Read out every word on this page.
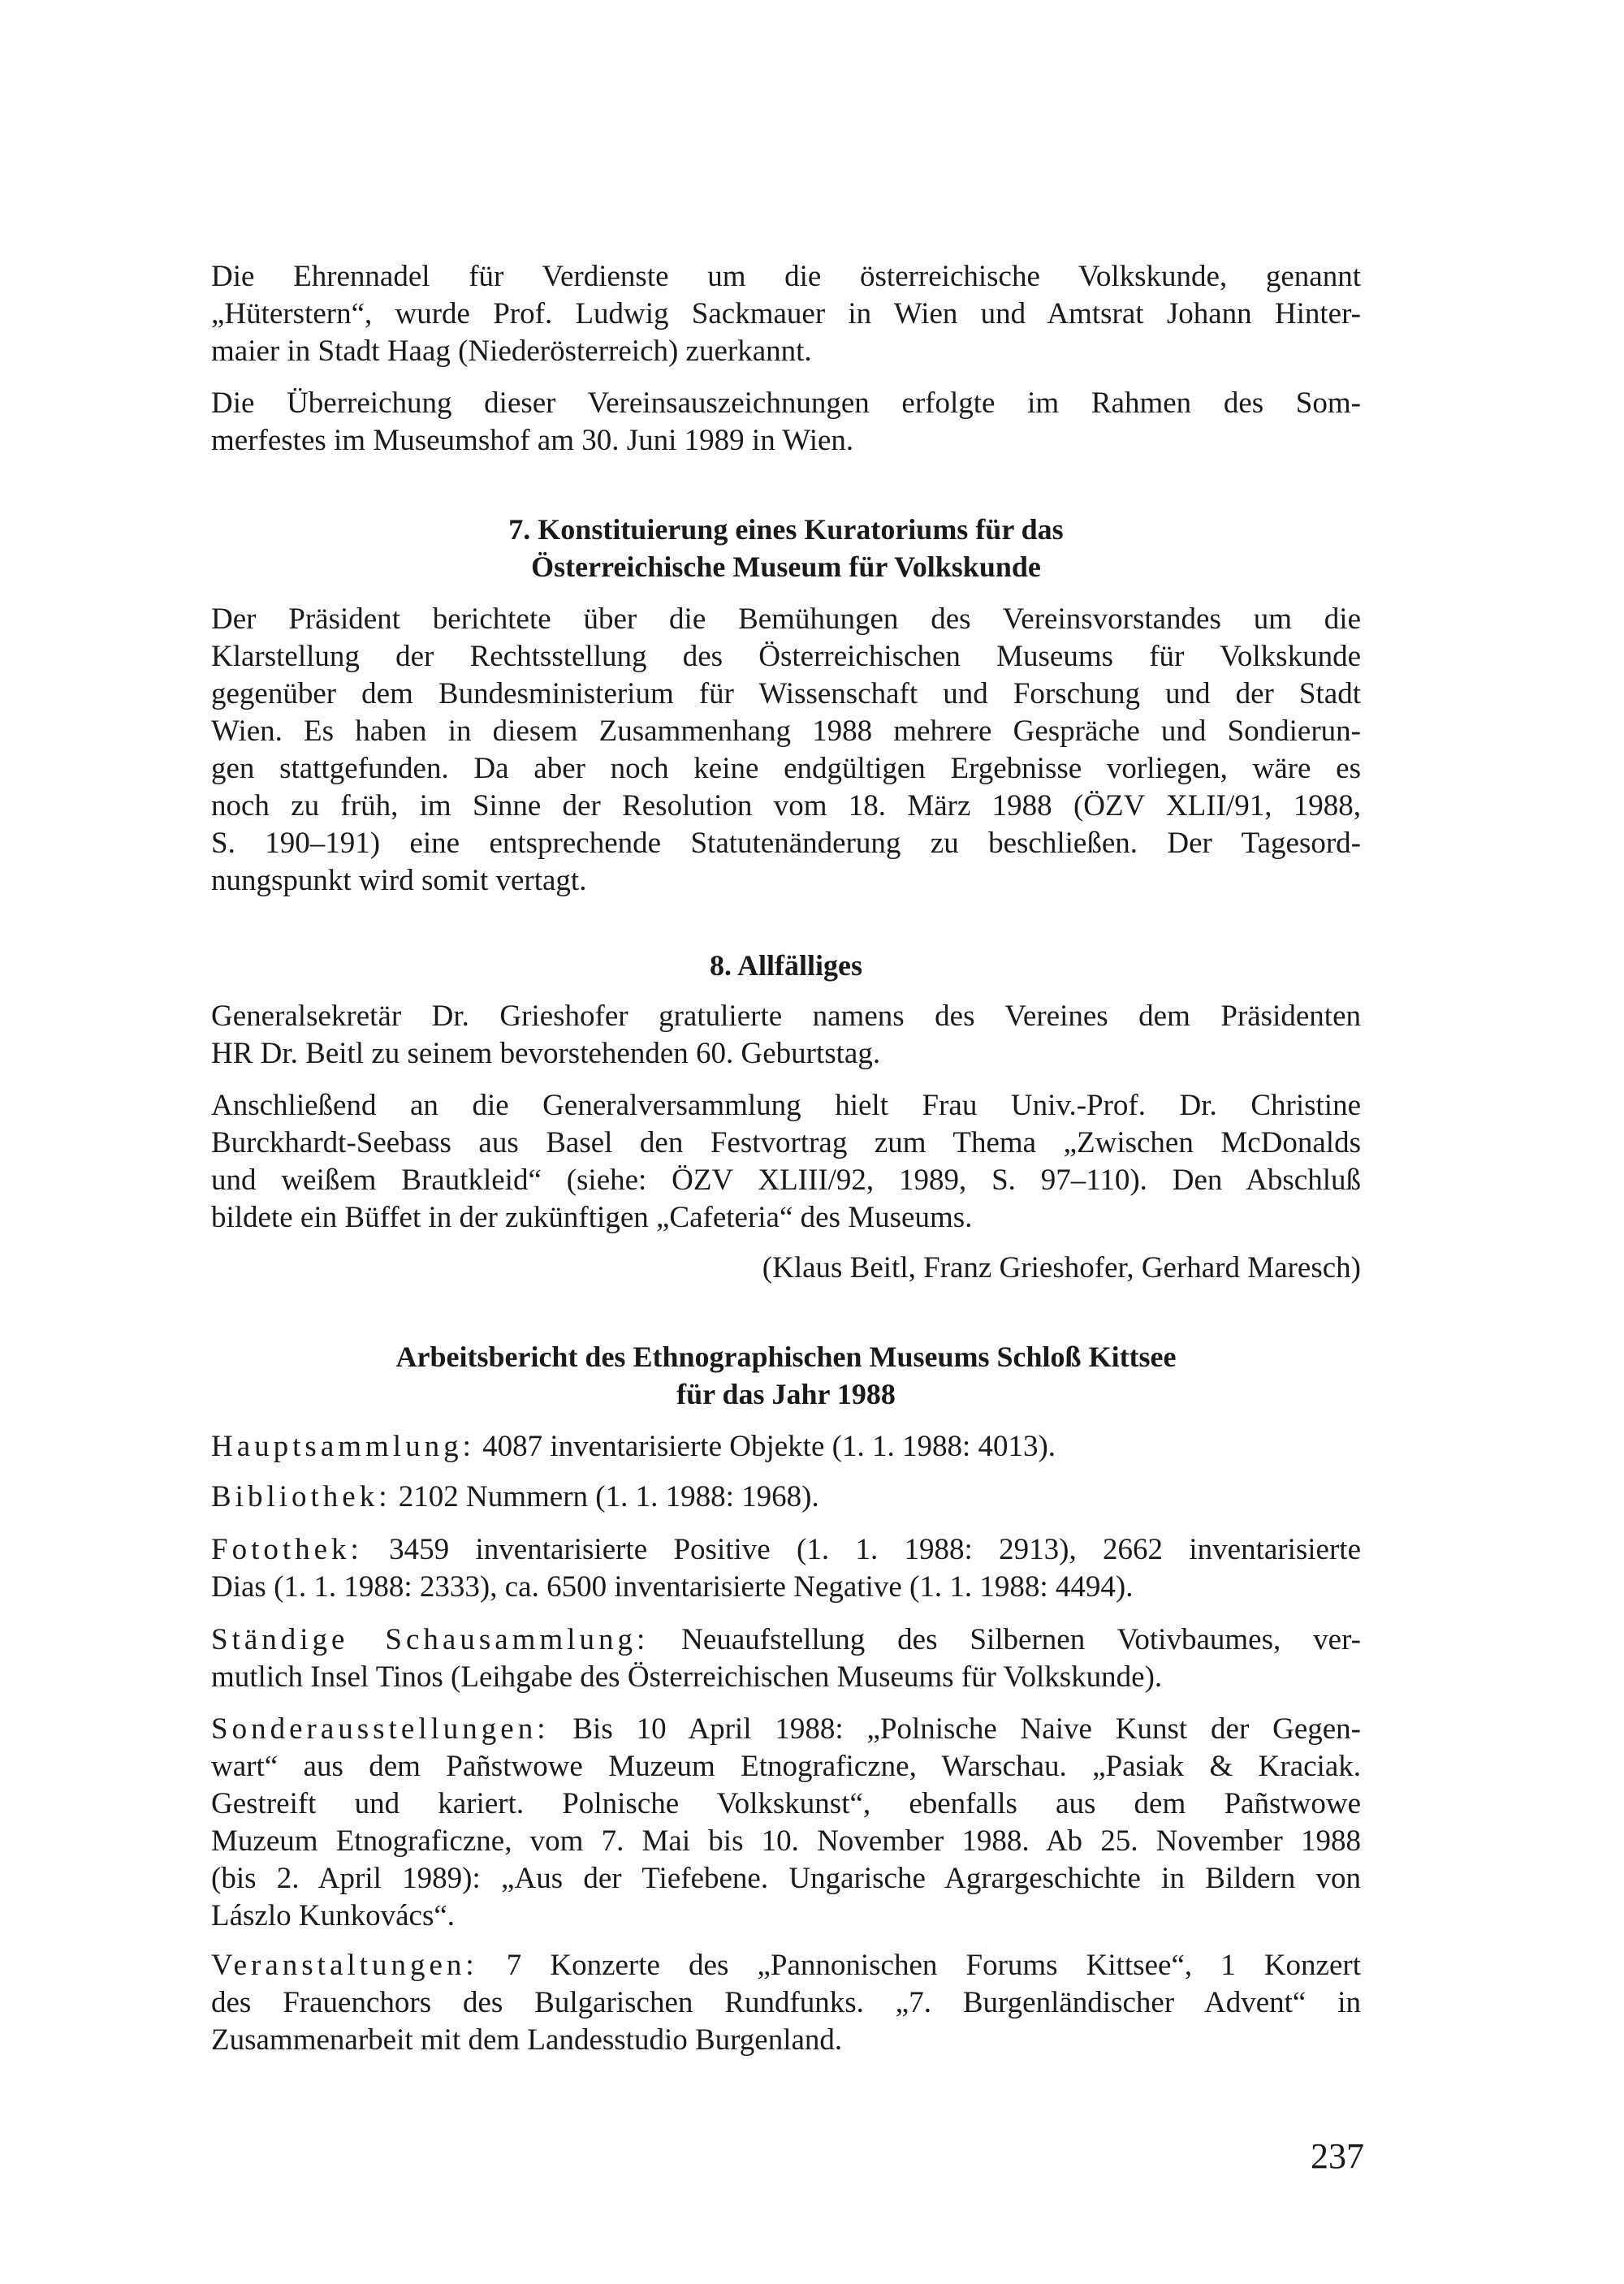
Die Ehrennadel für Verdienste um die österreichische Volkskunde, genannt
„Hüterstern“, wurde Prof. Ludwig Sackmauer in Wien und Amtsrat Johann Hinter-
maier in Stadt Haag (Niederösterreich) zuerkannt.
Die Überreichung dieser Vereinsauszeichnungen erfolgte im Rahmen des Som-
merfestes im Museumshof am 30. Juni 1989 in Wien.
7. Konstituierung eines Kuratoriums für das
Österreichische Museum für Volkskunde
Der Präsident berichtete über die Bemühungen des Vereinsvorstandes um die
Klarstellung der Rechtsstellung des Österreichischen Museums für Volkskunde
gegenüber dem Bundesministerium für Wissenschaft und Forschung und der Stadt
Wien. Es haben in diesem Zusammenhang 1988 mehrere Gespräche und Sondierun-
gen stattgefunden. Da aber noch keine endgültigen Ergebnisse vorliegen, wäre es
noch zu früh, im Sinne der Resolution vom 18. März 1988 (ÖZV XLII/91, 1988,
S. 190–191) eine entsprechende Statutenänderung zu beschließen. Der Tagesord-
nungspunkt wird somit vertagt.
8. Allfälliges
Generalsekretär Dr. Grieshofer gratulierte namens des Vereines dem Präsidenten
HR Dr. Beitl zu seinem bevorstehenden 60. Geburtstag.
Anschließend an die Generalversammlung hielt Frau Univ.-Prof. Dr. Christine
Burckhardt-Seebass aus Basel den Festvortrag zum Thema „Zwischen McDonalds
und weißem Brautkleid“ (siehe: ÖZV XLIII/92, 1989, S. 97–110). Den Abschluß
bildete ein Büffet in der zukünftigen „Cafeteria“ des Museums.
(Klaus Beitl, Franz Grieshofer, Gerhard Maresch)
Arbeitsbericht des Ethnographischen Museums Schloß Kittsee
für das Jahr 1988
Hauptsammlung: 4087 inventarisierte Objekte (1. 1. 1988: 4013).
Bibliothek: 2102 Nummern (1. 1. 1988: 1968).
Fotothek: 3459 inventarisierte Positive (1. 1. 1988: 2913), 2662 inventarisierte
Dias (1. 1. 1988: 2333), ca. 6500 inventarisierte Negative (1. 1. 1988: 4494).
Ständige Schausammlung: Neuaufstellung des Silbernen Votivbaumes, ver-
mutlich Insel Tinos (Leihgabe des Österreichischen Museums für Volkskunde).
Sonderausstellungen: Bis 10 April 1988: „Polnische Naive Kunst der Gegen-
wart“ aus dem Pañstwowe Muzeum Etnograficzne, Warschau. „Pasiak & Kraciak.
Gestreift und kariert. Polnische Volkskunst“, ebenfalls aus dem Pañstwowe
Muzeum Etnograficzne, vom 7. Mai bis 10. November 1988. Ab 25. November 1988
(bis 2. April 1989): „Aus der Tiefebene. Ungarische Agrargeschichte in Bildern von
Lászlo Kunkovács“.
Veranstaltungen: 7 Konzerte des „Pannonischen Forums Kittsee“, 1 Konzert
des Frauenchors des Bulgarischen Rundfunks. „7. Burgenländischer Advent“ in
Zusammenarbeit mit dem Landesstudio Burgenland.
237
